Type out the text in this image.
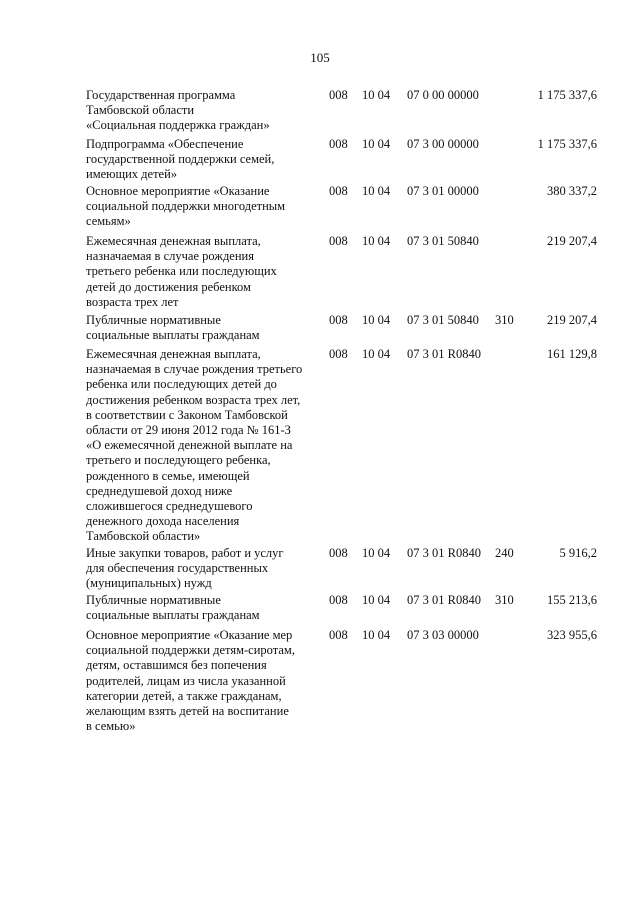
105
Государственная программа
Тамбовской области
«Социальная поддержка граждан»
008 10 04 07 0 00 00000	1 175 337,6
Подпрограмма «Обеспечение
государственной поддержки семей,
имеющих детей»
008 10 04 07 3 00 00000	1 175 337,6
Основное мероприятие «Оказание
социальной поддержки многодетным
семьям»
008 10 04 07 3 01 00000	380 337,2
Ежемесячная денежная выплата,
назначаемая в случае рождения
третьего ребенка или последующих
детей до достижения ребенком
возраста трех лет
008 10 04 07 3 01 50840	219 207,4
Публичные нормативные
социальные выплаты гражданам
008 10 04 07 3 01 50840 310	219 207,4
Ежемесячная денежная выплата,
назначаемая в случае рождения третьего
ребенка или последующих детей до
достижения ребенком возраста трех лет,
в соответствии с Законом Тамбовской
области от 29 июня 2012 года № 161-З
«О ежемесячной денежной выплате на
третьего и последующего ребенка,
рожденного в семье, имеющей
среднедушевой доход ниже
сложившегося среднедушевого
денежного дохода населения
Тамбовской области»
008 10 04 07 3 01 R0840	161 129,8
Иные закупки товаров, работ и услуг
для обеспечения государственных
(муниципальных) нужд
008 10 04 07 3 01 R0840 240	5 916,2
Публичные нормативные
социальные выплаты гражданам
008 10 04 07 3 01 R0840 310	155 213,6
Основное мероприятие «Оказание мер
социальной поддержки детям-сиротам,
детям, оставшимся без попечения
родителей, лицам из числа указанной
категории детей, а также гражданам,
желающим взять детей на воспитание
в семью»
008 10 04 07 3 03 00000	323 955,6
